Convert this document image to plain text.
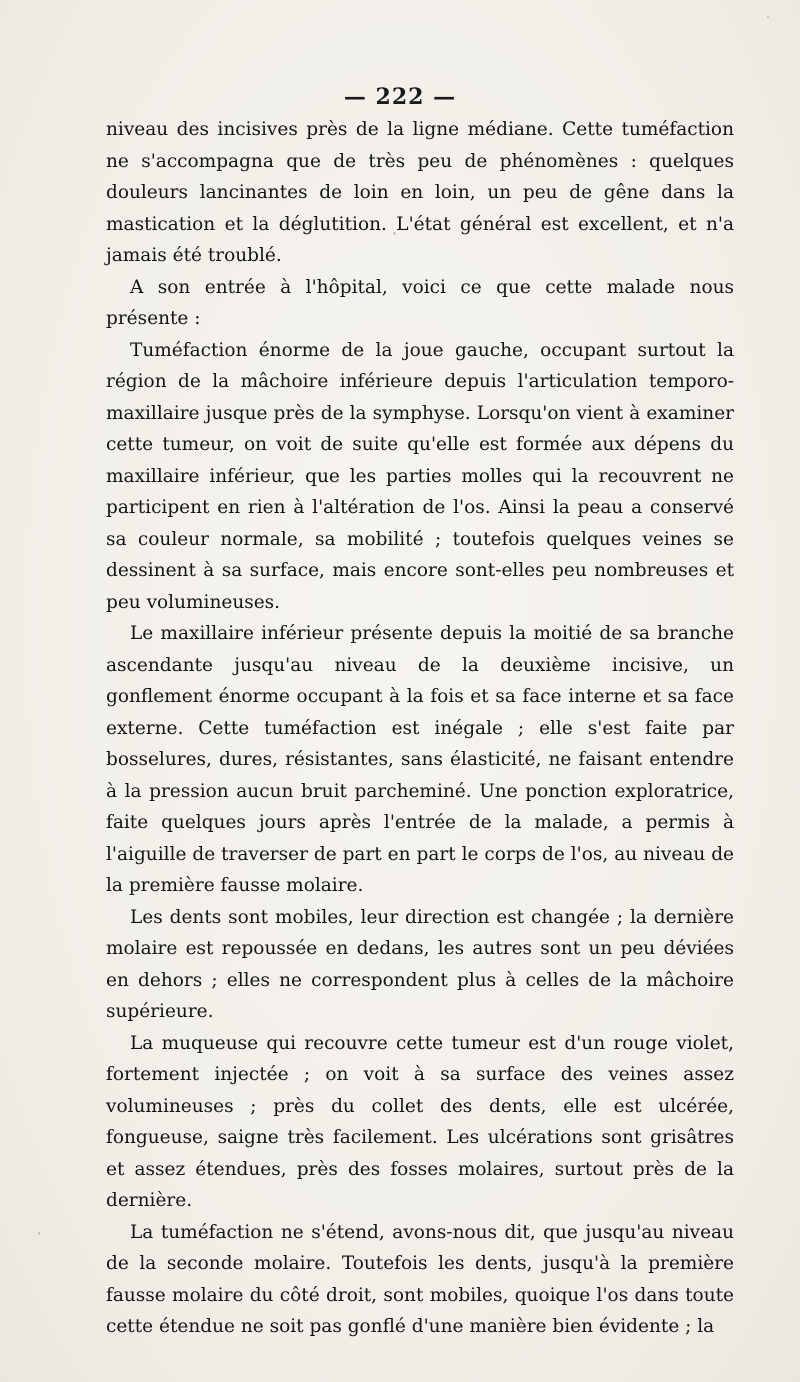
— 222 —

niveau des incisives près de la ligne médiane. Cette tuméfaction ne s'accompagna que de très peu de phénomènes : quelques douleurs lancinantes de loin en loin, un peu de gêne dans la mastication et la déglutition. L'état général est excellent, et n'a jamais été troublé.

A son entrée à l'hôpital, voici ce que cette malade nous présente :

Tuméfaction énorme de la joue gauche, occupant surtout la région de la mâchoire inférieure depuis l'articulation temporo-maxillaire jusque près de la symphyse. Lorsqu'on vient à examiner cette tumeur, on voit de suite qu'elle est formée aux dépens du maxillaire inférieur, que les parties molles qui la recouvrent ne participent en rien à l'altération de l'os. Ainsi la peau a conservé sa couleur normale, sa mobilité ; toutefois quelques veines se dessinent à sa surface, mais encore sont-elles peu nombreuses et peu volumineuses.

Le maxillaire inférieur présente depuis la moitié de sa branche ascendante jusqu'au niveau de la deuxième incisive, un gonflement énorme occupant à la fois et sa face interne et sa face externe. Cette tuméfaction est inégale ; elle s'est faite par bosselures, dures, résistantes, sans élasticité, ne faisant entendre à la pression aucun bruit parcheminé. Une ponction exploratrice, faite quelques jours après l'entrée de la malade, a permis à l'aiguille de traverser de part en part le corps de l'os, au niveau de la première fausse molaire.

Les dents sont mobiles, leur direction est changée ; la dernière molaire est repoussée en dedans, les autres sont un peu déviées en dehors ; elles ne correspondent plus à celles de la mâchoire supérieure.

La muqueuse qui recouvre cette tumeur est d'un rouge violet, fortement injectée ; on voit à sa surface des veines assez volumineuses ; près du collet des dents, elle est ulcérée, fongueuse, saigne très facilement. Les ulcérations sont grisâtres et assez étendues, près des fosses molaires, surtout près de la dernière.

La tuméfaction ne s'étend, avons-nous dit, que jusqu'au niveau de la seconde molaire. Toutefois les dents, jusqu'à la première fausse molaire du côté droit, sont mobiles, quoique l'os dans toute cette étendue ne soit pas gonflé d'une manière bien évidente ; la
